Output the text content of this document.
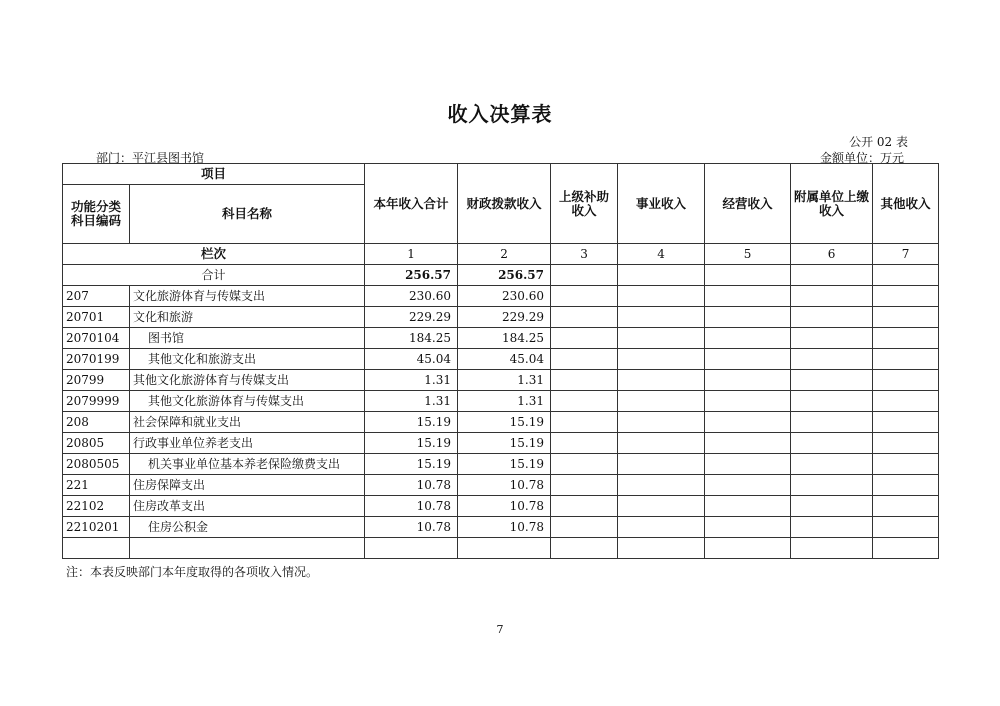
收入决算表
公开 02 表
部门：平江县图书馆	金额单位：万元
项目		本年收入合计	财政拨款收入	上级补助收入	事业收入	经营收入	附属单位上缴收入	其他收入
功能分类科目编码	科目名称							
栏次		1	2	3	4	5	6	7
合计		256.57	256.57					
207	文化旅游体育与传媒支出	230.60	230.60					
20701	文化和旅游	229.29	229.29					
2070104	图书馆	184.25	184.25					
2070199	其他文化和旅游支出	45.04	45.04					
20799	其他文化旅游体育与传媒支出	1.31	1.31					
2079999	其他文化旅游体育与传媒支出	1.31	1.31					
208	社会保障和就业支出	15.19	15.19					
20805	行政事业单位养老支出	15.19	15.19					
2080505	机关事业单位基本养老保险缴费支出	15.19	15.19					
221	住房保障支出	10.78	10.78					
22102	住房改革支出	10.78	10.78					
2210201	住房公积金	10.78	10.78					

注：本表反映部门本年度取得的各项收入情况。
7
